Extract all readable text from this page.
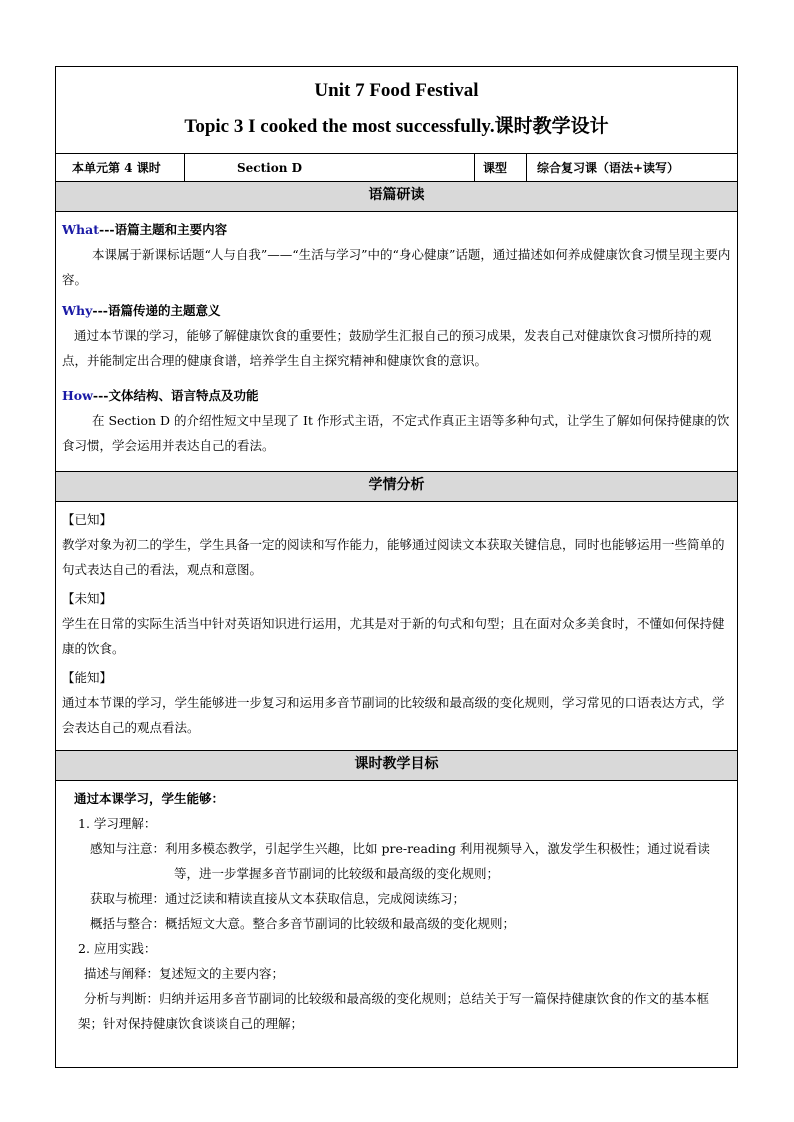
Unit 7 Food Festival
Topic 3 I cooked the most successfully.课时教学设计
本单元第 4 课时	Section D	课型	综合复习课（语法+读写）
语篇研读

What---语篇主题和主要内容

本课属于新课标话题“人与自我”——“生活与学习”中的“身心健康”话题，通过描述如何养成健康饮食习惯呈现主要内容。

Why---语篇传递的主题意义

通过本节课的学习，能够了解健康饮食的重要性；鼓励学生汇报自己的预习成果，发表自己对健康饮食习惯所持的观点，并能制定出合理的健康食谱，培养学生自主探究精神和健康饮食的意识。

How---文体结构、语言特点及功能

在 Section D 的介绍性短文中呈现了 It 作形式主语，不定式作真正主语等多种句式，让学生了解如何保持健康的饮食习惯，学会运用并表达自己的看法。

学情分析

【已知】

教学对象为初二的学生，学生具备一定的阅读和写作能力，能够通过阅读文本获取关键信息，同时也能够运用一些简单的句式表达自己的看法，观点和意图。

【未知】

学生在日常的实际生活当中针对英语知识进行运用，尤其是对于新的句式和句型；且在面对众多美食时，不懂如何保持健康的饮食。

【能知】

通过本节课的学习，学生能够进一步复习和运用多音节副词的比较级和最高级的变化规则，学习常见的口语表达方式，学会表达自己的观点看法。

课时教学目标

通过本课学习，学生能够：

1. 学习理解：

感知与注意：利用多模态教学，引起学生兴趣，比如 pre-reading 利用视频导入，激发学生积极性；通过说看读等，进一步掌握多音节副词的比较级和最高级的变化规则；

获取与梳理：通过泛读和精读直接从文本获取信息，完成阅读练习；

概括与整合：概括短文大意。整合多音节副词的比较级和最高级的变化规则；

2. 应用实践：

描述与阐释：复述短文的主要内容；

分析与判断：归纳并运用多音节副词的比较级和最高级的变化规则；总结关于写一篇保持健康饮食的作文的基本框架；针对保持健康饮食谈谈自己的理解；
